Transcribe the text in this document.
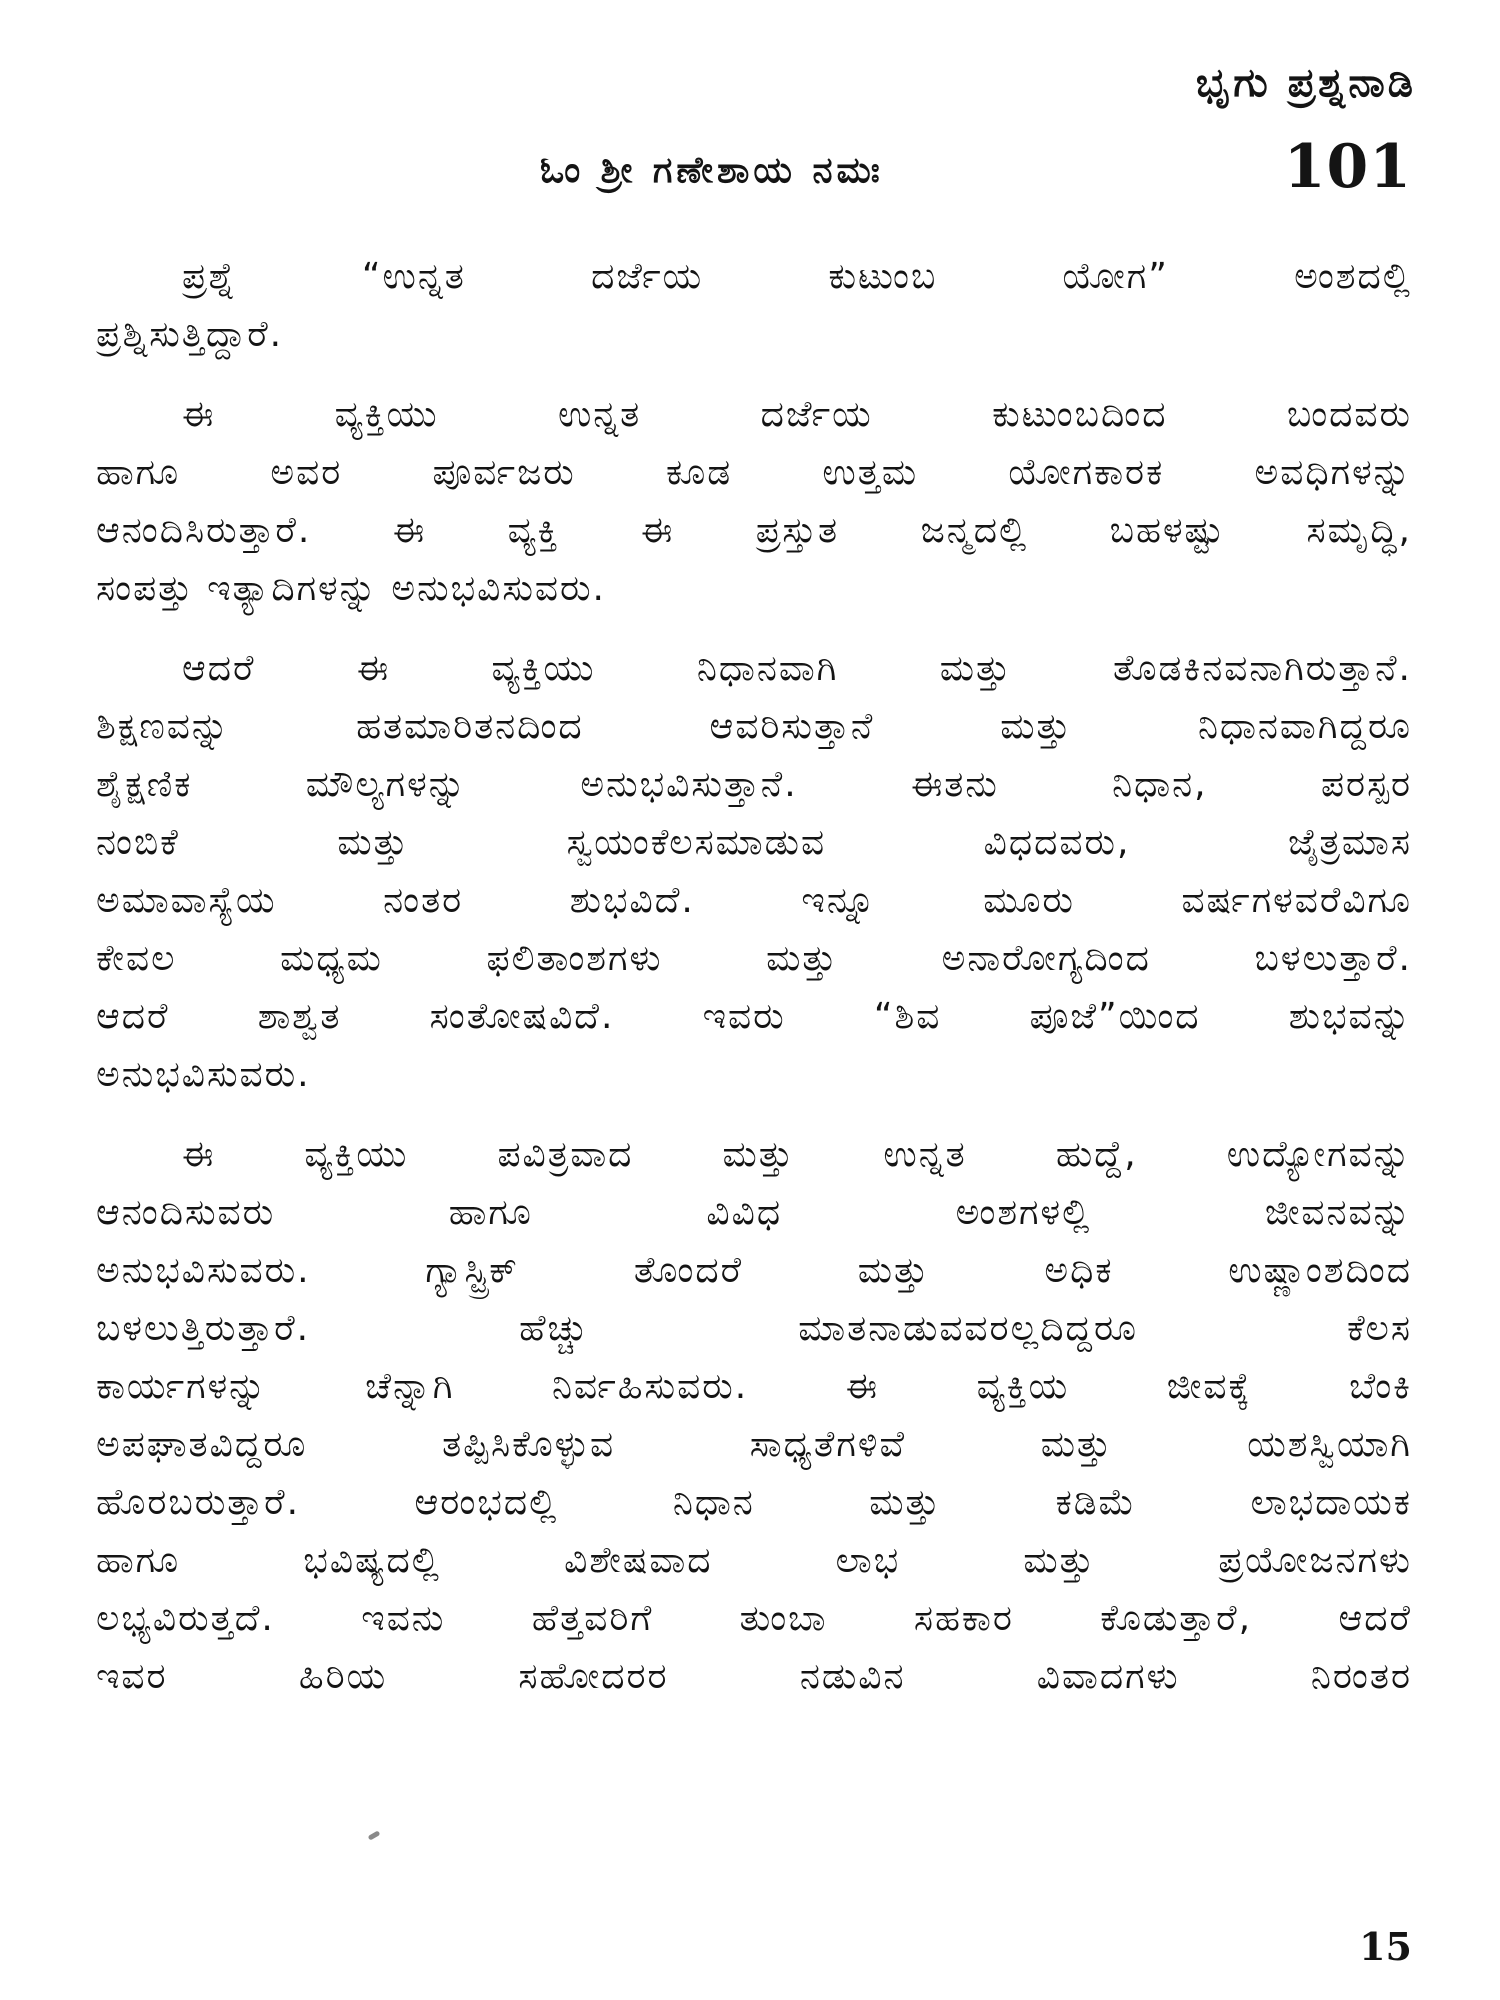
ಭೃಗು ಪ್ರಶ್ನನಾಡಿ
ಓಂ ಶ್ರೀ ಗಣೇಶಾಯ ನಮಃ	101
ಪ್ರಶ್ನೆ “ಉನ್ನತ ದರ್ಜೆಯ ಕುಟುಂಬ ಯೋಗ” ಅಂಶದಲ್ಲಿ
ಪ್ರಶ್ನಿಸುತ್ತಿದ್ದಾರೆ.
ಈ ವ್ಯಕ್ತಿಯು ಉನ್ನತ ದರ್ಜೆಯ ಕುಟುಂಬದಿಂದ ಬಂದವರು
ಹಾಗೂ ಅವರ ಪೂರ್ವಜರು ಕೂಡ ಉತ್ತಮ ಯೋಗಕಾರಕ ಅವಧಿಗಳನ್ನು
ಆನಂದಿಸಿರುತ್ತಾರೆ. ಈ ವ್ಯಕ್ತಿ ಈ ಪ್ರಸ್ತುತ ಜನ್ಮದಲ್ಲಿ ಬಹಳಷ್ಟು ಸಮೃದ್ಧಿ,
ಸಂಪತ್ತು ಇತ್ಯಾದಿಗಳನ್ನು ಅನುಭವಿಸುವರು.
ಆದರೆ ಈ ವ್ಯಕ್ತಿಯು ನಿಧಾನವಾಗಿ ಮತ್ತು ತೊಡಕಿನವನಾಗಿರುತ್ತಾನೆ.
ಶಿಕ್ಷಣವನ್ನು ಹತಮಾರಿತನದಿಂದ ಆವರಿಸುತ್ತಾನೆ ಮತ್ತು ನಿಧಾನವಾಗಿದ್ದರೂ
ಶೈಕ್ಷಣಿಕ ಮೌಲ್ಯಗಳನ್ನು ಅನುಭವಿಸುತ್ತಾನೆ. ಈತನು ನಿಧಾನ, ಪರಸ್ಪರ
ನಂಬಿಕೆ ಮತ್ತು ಸ್ವಯಂಕೆಲಸಮಾಡುವ ವಿಧದವರು, ಜೈತ್ರಮಾಸ
ಅಮಾವಾಸ್ಯೆಯ ನಂತರ ಶುಭವಿದೆ. ಇನ್ನೂ ಮೂರು ವರ್ಷಗಳವರೆವಿಗೂ
ಕೇವಲ ಮಧ್ಯಮ ಫಲಿತಾಂಶಗಳು ಮತ್ತು ಅನಾರೋಗ್ಯದಿಂದ ಬಳಲುತ್ತಾರೆ.
ಆದರೆ ಶಾಶ್ವತ ಸಂತೋಷವಿದೆ. ಇವರು “ಶಿವ ಪೂಜೆ”ಯಿಂದ ಶುಭವನ್ನು
ಅನುಭವಿಸುವರು.
ಈ ವ್ಯಕ್ತಿಯು ಪವಿತ್ರವಾದ ಮತ್ತು ಉನ್ನತ ಹುದ್ದೆ, ಉದ್ಯೋಗವನ್ನು
ಆನಂದಿಸುವರು ಹಾಗೂ ವಿವಿಧ ಅಂಶಗಳಲ್ಲಿ ಜೀವನವನ್ನು
ಅನುಭವಿಸುವರು. ಗ್ಯಾಸ್ಟ್ರಿಕ್ ತೊಂದರೆ ಮತ್ತು ಅಧಿಕ ಉಷ್ಣಾಂಶದಿಂದ
ಬಳಲುತ್ತಿರುತ್ತಾರೆ. ಹೆಚ್ಚು ಮಾತನಾಡುವವರಲ್ಲದಿದ್ದರೂ ಕೆಲಸ
ಕಾರ್ಯಗಳನ್ನು ಚೆನ್ನಾಗಿ ನಿರ್ವಹಿಸುವರು. ಈ ವ್ಯಕ್ತಿಯ ಜೀವಕ್ಕೆ ಬೆಂಕಿ
ಅಪಘಾತವಿದ್ದರೂ ತಪ್ಪಿಸಿಕೊಳ್ಳುವ ಸಾಧ್ಯತೆಗಳಿವೆ ಮತ್ತು ಯಶಸ್ವಿಯಾಗಿ
ಹೊರಬರುತ್ತಾರೆ. ಆರಂಭದಲ್ಲಿ ನಿಧಾನ ಮತ್ತು ಕಡಿಮೆ ಲಾಭದಾಯಕ
ಹಾಗೂ ಭವಿಷ್ಯದಲ್ಲಿ ವಿಶೇಷವಾದ ಲಾಭ ಮತ್ತು ಪ್ರಯೋಜನಗಳು
ಲಭ್ಯವಿರುತ್ತದೆ. ಇವನು ಹೆತ್ತವರಿಗೆ ತುಂಬಾ ಸಹಕಾರ ಕೊಡುತ್ತಾರೆ, ಆದರೆ
ಇವರ ಹಿರಿಯ ಸಹೋದರರ ನಡುವಿನ ವಿವಾದಗಳು ನಿರಂತರ
15
